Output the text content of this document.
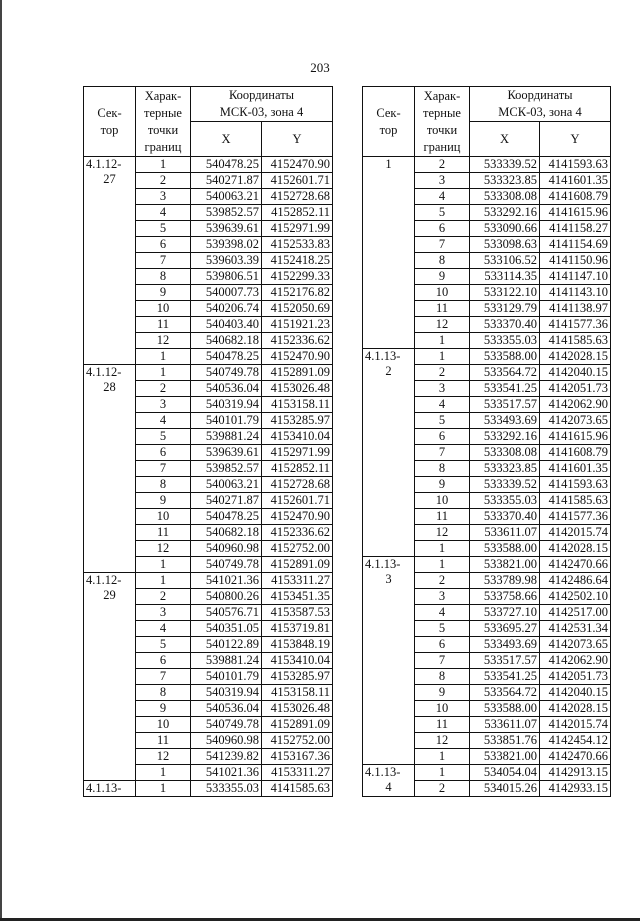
203
Сек-
тор	Харак-
терные
точки
границ	Координаты
МСК-03, зона 4	
		X	Y

4.1.12-
27	1	540478.25	4152470.90
	2	540271.87	4152601.71
	3	540063.21	4152728.68
	4	539852.57	4152852.11
	5	539639.61	4152971.99
	6	539398.02	4152533.83
	7	539603.39	4152418.25
	8	539806.51	4152299.33
	9	540007.73	4152176.82
	10	540206.74	4152050.69
	11	540403.40	4151921.23
	12	540682.18	4152336.62
	1	540478.25	4152470.90

4.1.12-
28	1	540749.78	4152891.09
	2	540536.04	4153026.48
	3	540319.94	4153158.11
	4	540101.79	4153285.97
	5	539881.24	4153410.04
	6	539639.61	4152971.99
	7	539852.57	4152852.11
	8	540063.21	4152728.68
	9	540271.87	4152601.71
	10	540478.25	4152470.90
	11	540682.18	4152336.62
	12	540960.98	4152752.00
	1	540749.78	4152891.09

4.1.12-
29	1	541021.36	4153311.27
	2	540800.26	4153451.35
	3	540576.71	4153587.53
	4	540351.05	4153719.81
	5	540122.89	4153848.19
	6	539881.24	4153410.04
	7	540101.79	4153285.97
	8	540319.94	4153158.11
	9	540536.04	4153026.48
	10	540749.78	4152891.09
	11	540960.98	4152752.00
	12	541239.82	4153167.36
	1	541021.36	4153311.27

4.1.13-	1	533355.03	4141585.63
Сек-
тор	Харак-
терные
точки
границ	Координаты
МСК-03, зона 4	
		X	Y

1	2	533339.52	4141593.63
	3	533323.85	4141601.35
	4	533308.08	4141608.79
	5	533292.16	4141615.96
	6	533090.66	4141158.27
	7	533098.63	4141154.69
	8	533106.52	4141150.96
	9	533114.35	4141147.10
	10	533122.10	4141143.10
	11	533129.79	4141138.97
	12	533370.40	4141577.36
	1	533355.03	4141585.63

4.1.13-
2	1	533588.00	4142028.15
	2	533564.72	4142040.15
	3	533541.25	4142051.73
	4	533517.57	4142062.90
	5	533493.69	4142073.65
	6	533292.16	4141615.96
	7	533308.08	4141608.79
	8	533323.85	4141601.35
	9	533339.52	4141593.63
	10	533355.03	4141585.63
	11	533370.40	4141577.36
	12	533611.07	4142015.74
	1	533588.00	4142028.15

4.1.13-
3	1	533821.00	4142470.66
	2	533789.98	4142486.64
	3	533758.66	4142502.10
	4	533727.10	4142517.00
	5	533695.27	4142531.34
	6	533493.69	4142073.65
	7	533517.57	4142062.90
	8	533541.25	4142051.73
	9	533564.72	4142040.15
	10	533588.00	4142028.15
	11	533611.07	4142015.74
	12	533851.76	4142454.12
	1	533821.00	4142470.66

4.1.13-
4	1	534054.04	4142913.15
	2	534015.26	4142933.15
